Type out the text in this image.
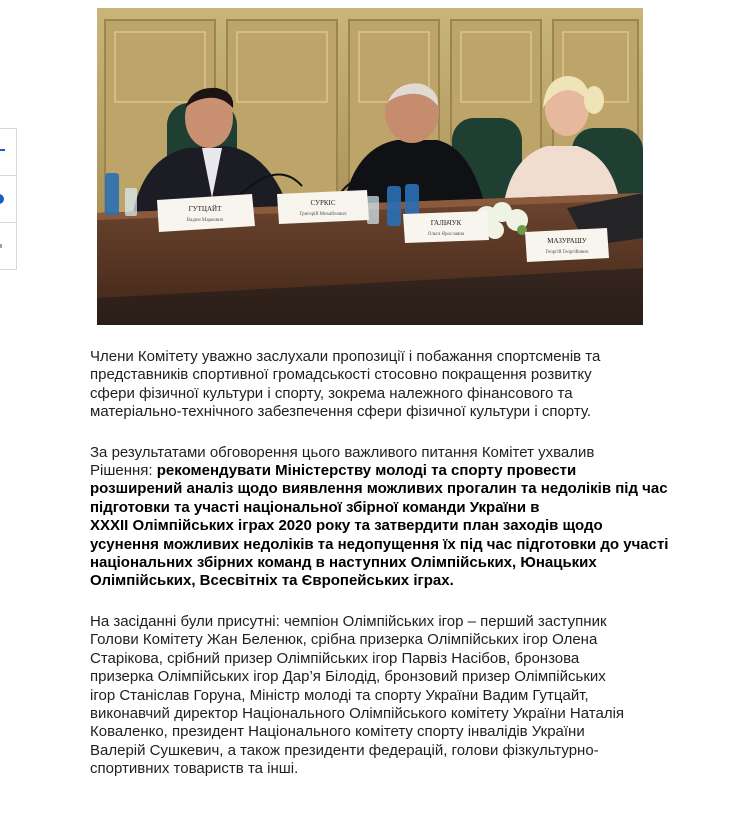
ГУТЦАЙТ
Вадим Маркович
СУРКІС
Григорій Михайлович
ГАЛЬЧУК
Ольга Ярославна
МАЗУРАШУ
Георгій Георгійович

Члени Комітету уважно заслухали пропозиції і побажання спортсменів та
представників спортивної громадськості стосовно покращення розвитку
сфери фізичної культури і спорту, зокрема належного фінансового та
матеріально-технічного забезпечення сфери фізичної культури і спорту.

За результатами обговорення цього важливого питання Комітет ухвалив
Рішення: рекомендувати Міністерству молоді та спорту провести
розширений аналіз щодо виявлення можливих прогалин та недоліків під час
підготовки та участі національної збірної команди України в
XXXII Олімпійських іграх 2020 року та затвердити план заходів щодо
усунення можливих недоліків та недопущення їх під час підготовки до участі
національних збірних команд в наступних Олімпійських, Юнацьких
Олімпійських, Всесвітніх та Європейських іграх.

На засіданні були присутні: чемпіон Олімпійських ігор – перший заступник
Голови Комітету Жан Беленюк, срібна призерка Олімпійських ігор Олена
Старікова, срібний призер Олімпійських ігор Парвіз Насібов, бронзова
призерка Олімпійських ігор Дар’я Білодід, бронзовий призер Олімпійських
ігор Станіслав Горуна, Міністр молоді та спорту України Вадим Гутцайт,
виконавчий директор Національного Олімпійського комітету України Наталія
Коваленко, президент Національного комітету спорту інвалідів України
Валерій Сушкевич, а також президенти федерацій, голови фізкультурно-
спортивних товариств та інші.
